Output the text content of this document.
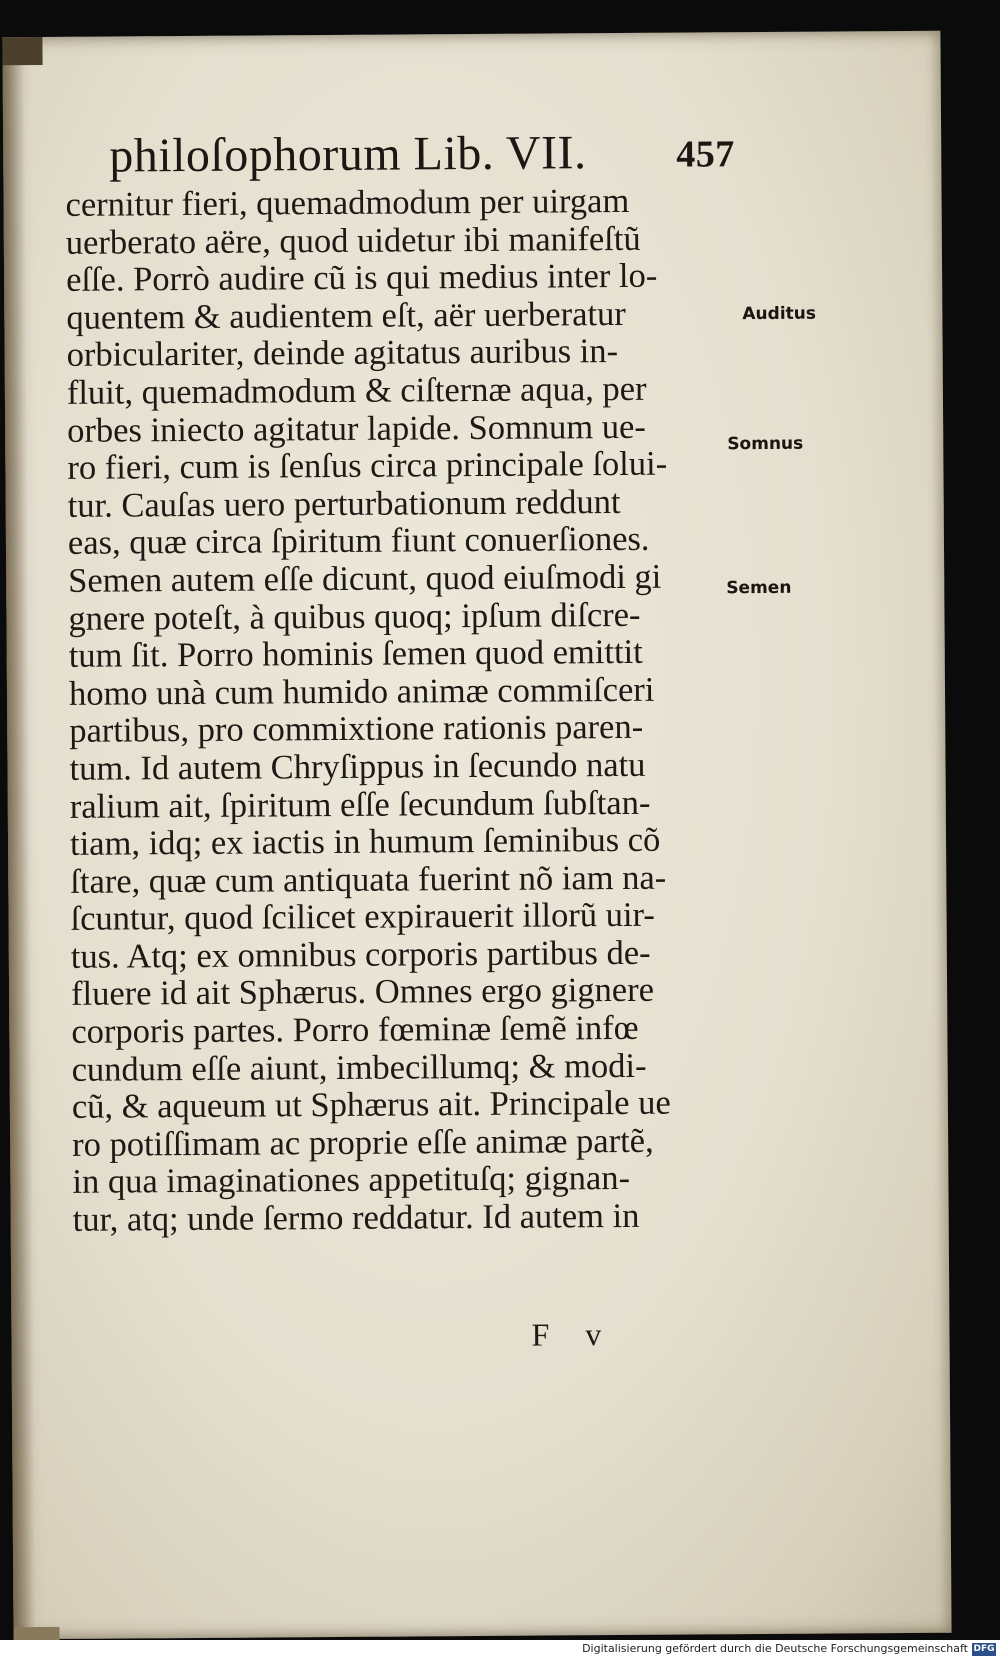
philoſophorum Lib. VII. 457
cernitur fieri, quemadmodum per uirgam
uerberato aëre, quod uidetur ibi manifeſtũ
eſſe. Porrò audire cũ is qui medius inter lo-
quentem & audientem eſt, aër uerberatur
orbiculariter, deinde agitatus auribus in-
fluit, quemadmodum & ciſternæ aqua, per
orbes iniecto agitatur lapide. Somnum ue-
ro fieri, cum is ſenſus circa principale ſolui-
tur. Cauſas uero perturbationum reddunt
eas, quæ circa ſpiritum fiunt conuerſiones.
Semen autem eſſe dicunt, quod eiuſmodi gi
gnere poteſt, à quibus quoq; ipſum diſcre-
tum ſit. Porro hominis ſemen quod emittit
homo unà cum humido animæ commiſceri
partibus, pro commixtione rationis paren-
tum. Id autem Chryſippus in ſecundo natu
ralium ait, ſpiritum eſſe ſecundum ſubſtan-
tiam, idq; ex iactis in humum ſeminibus cõ
ſtare, quæ cum antiquata fuerint nõ iam na-
ſcuntur, quod ſcilicet expirauerit illorũ uir-
tus. Atq; ex omnibus corporis partibus de-
fluere id ait Sphærus. Omnes ergo gignere
corporis partes. Porro fœminæ ſemẽ infœ
cundum eſſe aiunt, imbecillumq; & modi-
cũ, & aqueum ut Sphærus ait. Principale ue
ro potiſſimam ac proprie eſſe animæ partẽ,
in qua imaginationes appetituſq; gignan-
tur, atq; unde ſermo reddatur. Id autem in
Auditus
Somnus
Semen
F v
Digitalisierung gefördert durch die Deutsche Forschungsgemeinschaft DFG
